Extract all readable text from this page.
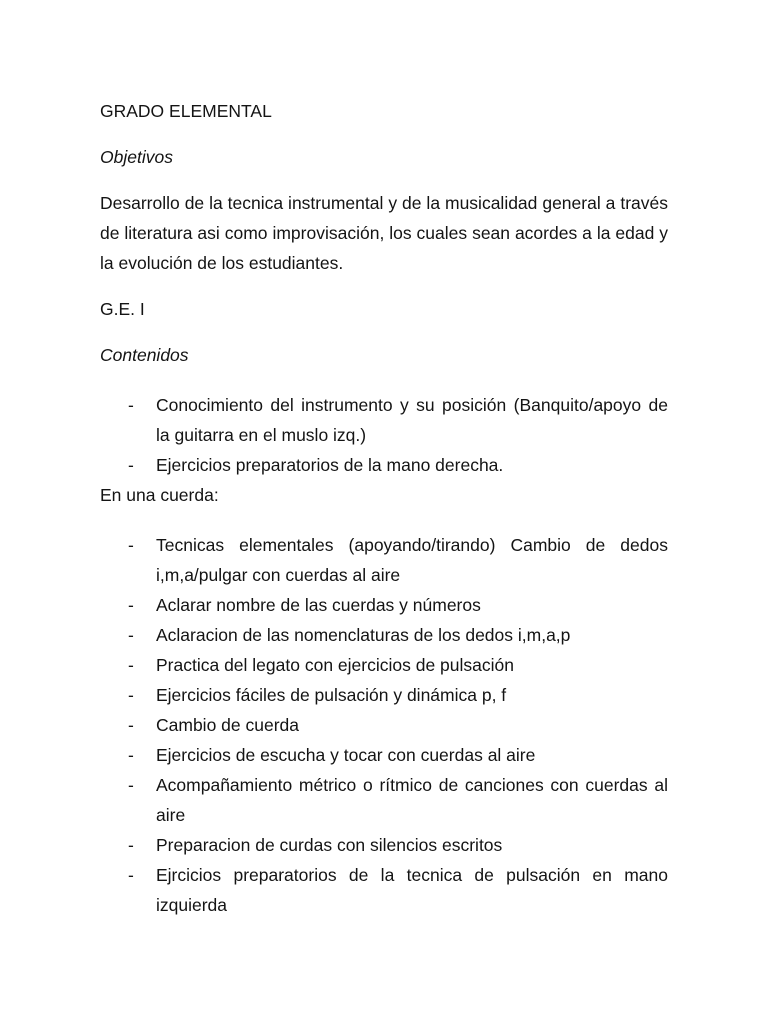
GRADO ELEMENTAL

Objetivos

Desarrollo de la tecnica instrumental y de la musicalidad general a través de literatura asi como improvisación, los cuales sean acordes a la edad y la evolución de los estudiantes.

G.E. I

Contenidos

- Conocimiento del instrumento y su posición (Banquito/apoyo de la guitarra en el muslo izq.)
- Ejercicios preparatorios de la mano derecha.

En una cuerda:

- Tecnicas elementales (apoyando/tirando) Cambio de dedos i,m,a/pulgar con cuerdas al aire
- Aclarar nombre de las cuerdas y números
- Aclaracion de las nomenclaturas de los dedos i,m,a,p
- Practica del legato con ejercicios de pulsación
- Ejercicios fáciles de pulsación y dinámica p, f
- Cambio de cuerda
- Ejercicios de escucha y tocar con cuerdas al aire
- Acompañamiento métrico o rítmico de canciones con cuerdas al aire
- Preparacion de curdas con silencios escritos
- Ejrcicios preparatorios de la tecnica de pulsación en mano izquierda
